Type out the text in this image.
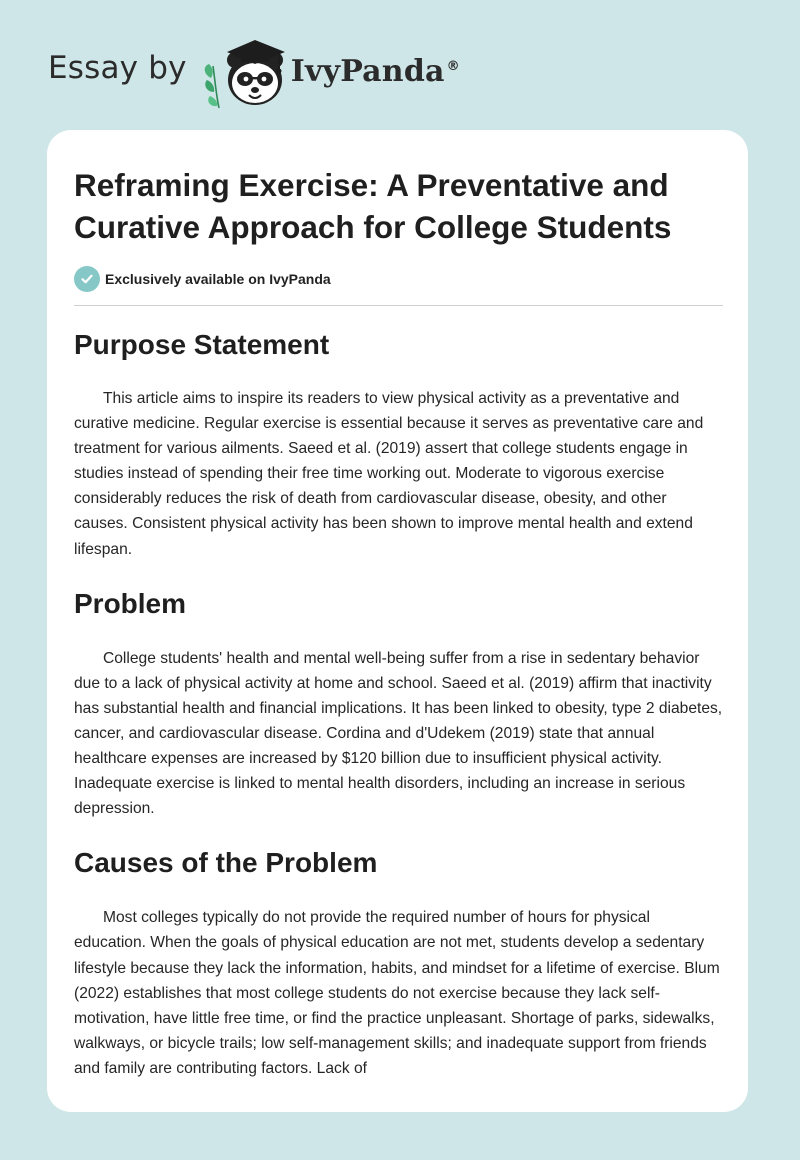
Essay by	IvyPanda ®
Reframing Exercise: A Preventative and Curative Approach for College Students
Exclusively available on IvyPanda
Purpose Statement

This article aims to inspire its readers to view physical activity as a preventative and curative medicine. Regular exercise is essential because it serves as preventative care and treatment for various ailments. Saeed et al. (2019) assert that college students engage in studies instead of spending their free time working out. Moderate to vigorous exercise considerably reduces the risk of death from cardiovascular disease, obesity, and other causes. Consistent physical activity has been shown to improve mental health and extend lifespan.

Problem

College students' health and mental well-being suffer from a rise in sedentary behavior due to a lack of physical activity at home and school. Saeed et al. (2019) affirm that inactivity has substantial health and financial implications. It has been linked to obesity, type 2 diabetes, cancer, and cardiovascular disease. Cordina and d'Udekem (2019) state that annual healthcare expenses are increased by $120 billion due to insufficient physical activity. Inadequate exercise is linked to mental health disorders, including an increase in serious depression.

Causes of the Problem

Most colleges typically do not provide the required number of hours for physical education. When the goals of physical education are not met, students develop a sedentary lifestyle because they lack the information, habits, and mindset for a lifetime of exercise. Blum (2022) establishes that most college students do not exercise because they lack self-motivation, have little free time, or find the practice unpleasant. Shortage of parks, sidewalks, walkways, or bicycle trails; low self-management skills; and inadequate support from friends and family are contributing factors. Lack of
